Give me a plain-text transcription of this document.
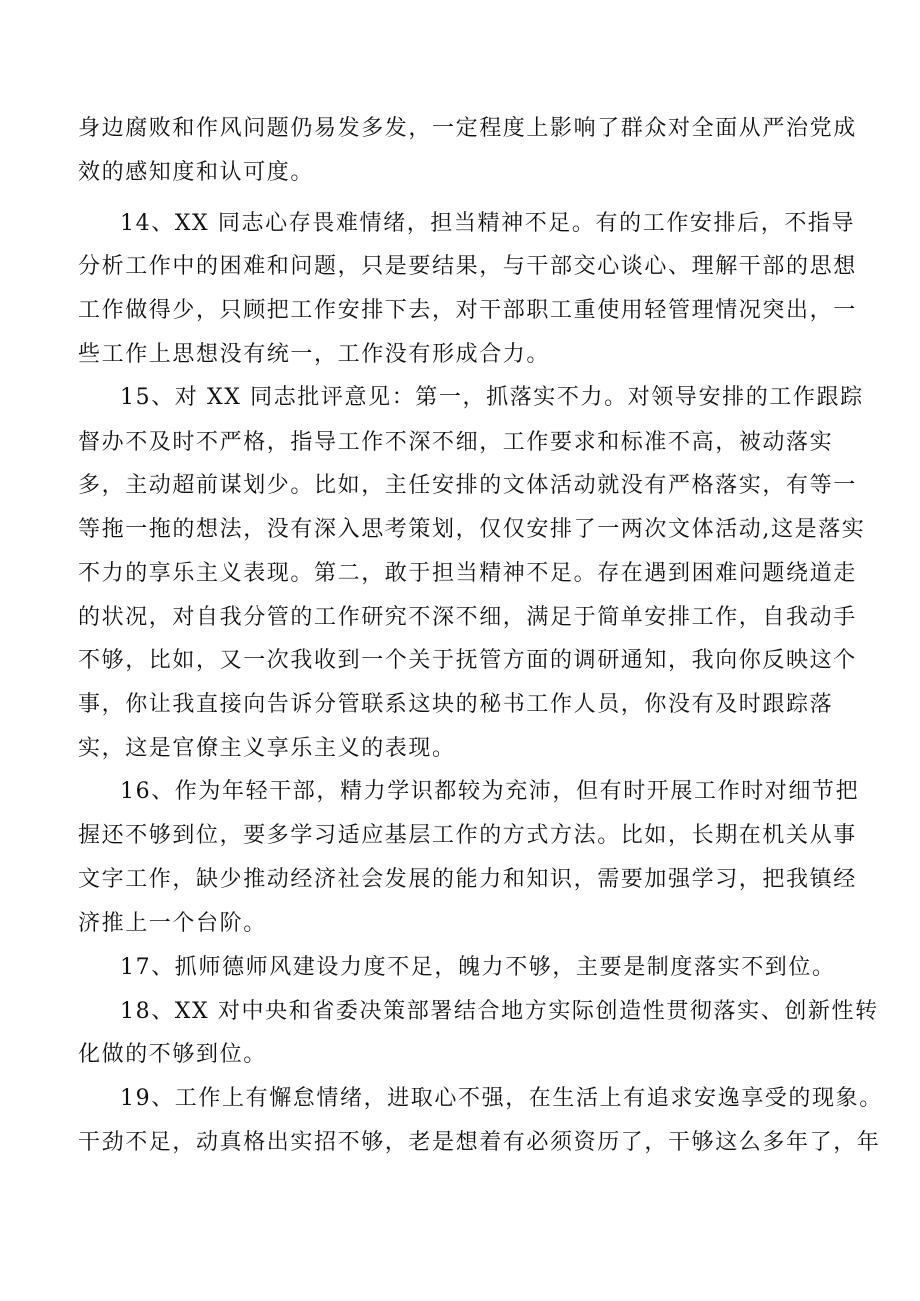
身边腐败和作风问题仍易发多发，一定程度上影响了群众对全面从严治党成
效的感知度和认可度。
14、XX 同志心存畏难情绪，担当精神不足。有的工作安排后，不指导
分析工作中的困难和问题，只是要结果，与干部交心谈心、理解干部的思想
工作做得少，只顾把工作安排下去，对干部职工重使用轻管理情况突出，一
些工作上思想没有统一，工作没有形成合力。
15、对 XX 同志批评意见：第一，抓落实不力。对领导安排的工作跟踪
督办不及时不严格，指导工作不深不细，工作要求和标准不高，被动落实
多，主动超前谋划少。比如，主任安排的文体活动就没有严格落实，有等一
等拖一拖的想法，没有深入思考策划，仅仅安排了一两次文体活动,这是落实
不力的享乐主义表现。第二，敢于担当精神不足。存在遇到困难问题绕道走
的状况，对自我分管的工作研究不深不细，满足于简单安排工作，自我动手
不够，比如，又一次我收到一个关于抚管方面的调研通知，我向你反映这个
事，你让我直接向告诉分管联系这块的秘书工作人员，你没有及时跟踪落
实，这是官僚主义享乐主义的表现。
16、作为年轻干部，精力学识都较为充沛，但有时开展工作时对细节把
握还不够到位，要多学习适应基层工作的方式方法。比如，长期在机关从事
文字工作，缺少推动经济社会发展的能力和知识，需要加强学习，把我镇经
济推上一个台阶。
17、抓师德师风建设力度不足，魄力不够，主要是制度落实不到位。
18、XX 对中央和省委决策部署结合地方实际创造性贯彻落实、创新性转
化做的不够到位。
19、工作上有懈怠情绪，进取心不强，在生活上有追求安逸享受的现象。
干劲不足，动真格出实招不够，老是想着有必须资历了，干够这么多年了，年
